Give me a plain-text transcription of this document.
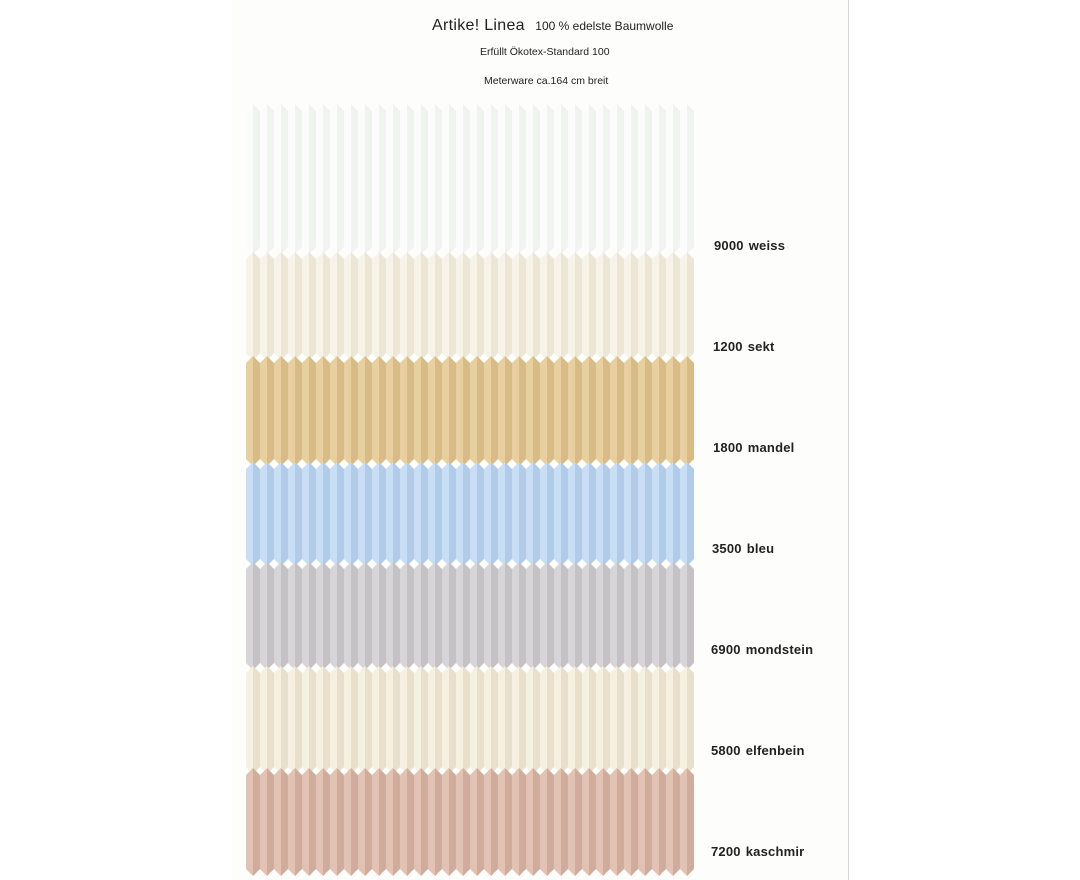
Artike! Linea 100 % edelste Baumwolle
Erfüllt Ökotex-Standard 100
Meterware ca.164 cm breit
9000 weiss
1200 sekt
1800 mandel
3500 bleu
6900 mondstein
5800 elfenbein
7200 kaschmir
